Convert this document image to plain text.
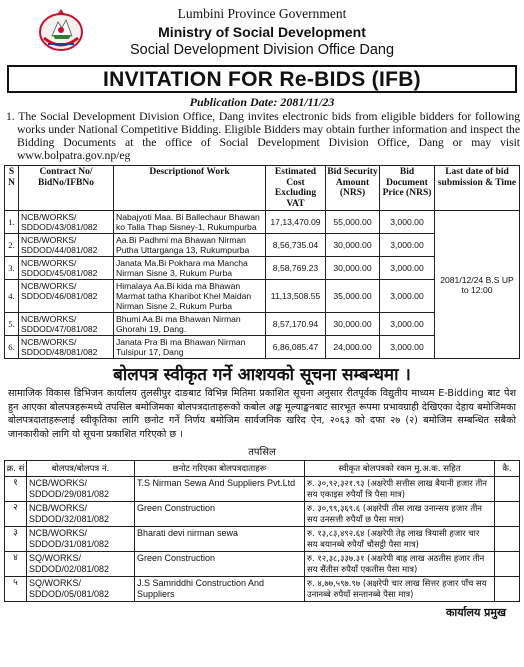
Lumbini Province Government
Ministry of Social Development
Social Development Division Office Dang
INVITATION FOR Re-BIDS (IFB)
Publication Date: 2081/11/23

1. The Social Development Division Office, Dang invites electronic bids from eligible bidders for following works under National Competitive Bidding. Eligible Bidders may obtain further information and inspect the Bidding Documents at the office of Social Development Division Office, Dang or may visit www.bolpatra.gov.np/eg

S N	Contract No/ BidNo/IFBNo	Descriptionof Work	Estimated Cost Excluding VAT	Bid Security Amount (NRS)	Bid Document Price (NRS)	Last date of bid submission & Time
1.	NCB/WORKS/ SDDOD/43/081/082	Nabajyoti Maa. Bi Ballechaur Bhawan ko Talla Thap Sisney-1, Rukumpurba	17,13,470.09	55,000.00	3,000.00	2081/12/24 B.S UP to 12:00
2.	NCB/WORKS/ SDDOD/44/081/082	Aa.Bi Padhmi ma Bhawan Nirman Putha Uttarganga 13, Rukumpurba	8,56,735.04	30,000.00	3,000.00	
3.	NCB/WORKS/ SDDOD/45/081/082	Janata Ma.Bi Pokhara ma Mancha Nirman Sisne 3, Rukum Purba	8,58,769.23	30,000.00	3,000.00	
4.	NCB/WORKS/ SDDOD/46/081/082	Himalaya Aa.Bi kida ma Bhawan Marmat tatha Kharibot Khel Maidan Nirman Sisne 2, Rukum Purba	11,13,508.55	35,000.00	3,000.00	
5.	NCB/WORKS/ SDDOD/47/081/082	Bhumi Aa.Bi ma Bhawan Nirman Ghorahi 19, Dang.	8,57,170.94	30,000.00	3,000.00	
6.	NCB/WORKS/ SDDOD/48/081/082	Janata Pra Bi ma Bhawan Nirman Tulsipur 17, Dang	6,86,085.47	24,000.00	3,000.00	
बोलपत्र स्वीकृत गर्ने आशयको सूचना सम्बन्धमा ।

सामाजिक विकास डिभिजन कार्यालय तुलसीपुर दाङबाट विभिन्न मितिमा प्रकाशित सूचना अनुसार रीतपूर्वक विद्युतीय माध्यम E-Bidding बाट पेश हुन आएका बोलपत्रहरूमध्ये तपसिल बमोजिमका बोलपत्रदाताहरूको कबोल अङ्क मूल्याङ्कनबाट सारभूत रूपमा प्रभावग्राही देखिएका देहाय बमोजिमका बोलपत्रदाताहरूलाई स्वीकृतिका लागि छनोट गर्ने निर्णय बमोजिम सार्वजनिक खरिद ऐन, २०६३ को दफा २७ (२) बमोजिम सम्बन्धित सबैको जानकारीको लागि यो सूचना प्रकाशित गरिएको छ ।

तपसिल
क्र. सं	बोलपत्र/बोलपत्र नं.	छनोट गरिएका बोलपत्रदाताहरू	स्वीकृत बोलपत्रको रकम मु.अ.क. सहित	कै.
१	NCB/WORKS/ SDDOD/29/081/082	T.S Nirman Sewa And Suppliers Pvt.Ltd	रु. ३०,९२,३२१.९३ (अक्षरेपी सत्तीस लाख बैयानी हजार तीन सय एकाइस रुपैयाँ त्रि पैसा मात्र)	
२	NCB/WORKS/ SDDOD/32/081/082	Green Construction	रु. ३०,९९,३६९.६ (अक्षरेपी तीस लाख उनान्सय हजार तीन सय उनसत्ती रुपैयाँ छ पैसा मात्र)	
३	NCB/WORKS/ SDDOD/31/081/082	Bharati devi nirman sewa	रु. १३,८३,४९२.६४ (अक्षरेपी तेह्र लाख त्रियासी हजार चार सय बयानब्बे रुपैयाँ चौसट्ठी पैसा मात्र)	
४	SQ/WORKS/ SDDOD/02/081/082	Green Construction	रु. १२,३८,३३७.३१ (अक्षरेपी बाह्र लाख अठतीस हजार तीन सय सैंतीस रुपैयाँ एकतीस पैसा मात्र)	
५	SQ/WORKS/ SDDOD/05/081/082	J.S Samriddhi Construction And Suppliers	रु. ४,७७,५९७.९७ (अक्षरेपी चार लाख सित्तर हजार पाँच सय उनानब्बे रुपैयाँ सन्तानब्बे पैसा मात्र)	
कार्यालय प्रमुख
